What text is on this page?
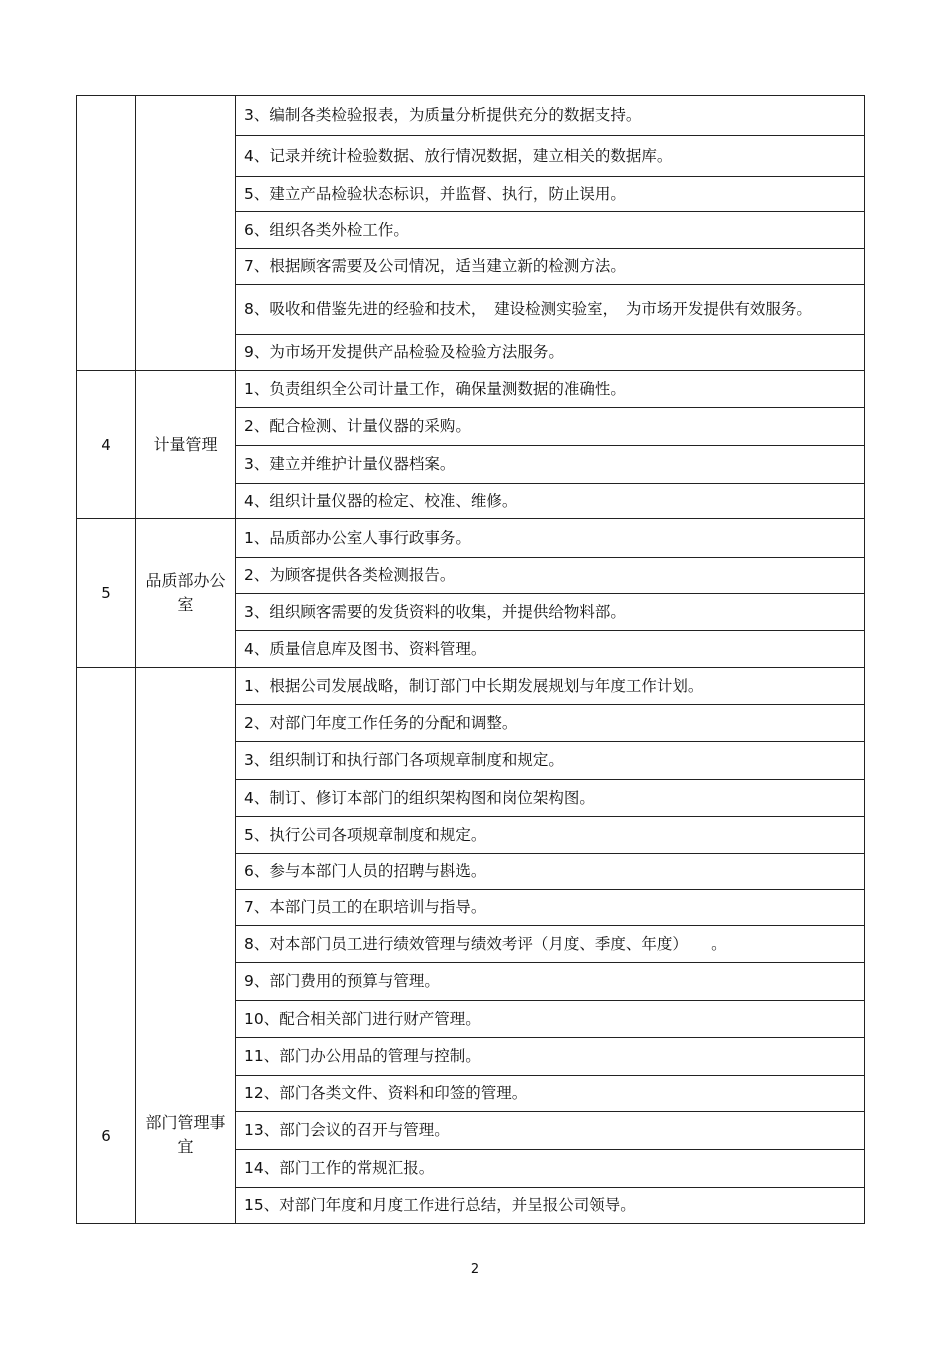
		3、编制各类检验报表，为质量分析提供充分的数据支持。
		4、记录并统计检验数据、放行情况数据，建立相关的数据库。
		5、建立产品检验状态标识，并监督、执行，防止误用。
		6、组织各类外检工作。
		7、根据顾客需要及公司情况，适当建立新的检测方法。
		8、吸收和借鉴先进的经验和技术，　建设检测实验室，　为市场开发提供有效服务。
		9、为市场开发提供产品检验及检验方法服务。
4	计量管理	1、负责组织全公司计量工作，确保量测数据的准确性。
		2、配合检测、计量仪器的采购。
		3、建立并维护计量仪器档案。
		4、组织计量仪器的检定、校准、维修。
5	品质部办公室	1、品质部办公室人事行政事务。
		2、为顾客提供各类检测报告。
		3、组织顾客需要的发货资料的收集，并提供给物料部。
		4、质量信息库及图书、资料管理。
6	部门管理事宜	1、根据公司发展战略，制订部门中长期发展规划与年度工作计划。
		2、对部门年度工作任务的分配和调整。
		3、组织制订和执行部门各项规章制度和规定。
		4、制订、修订本部门的组织架构图和岗位架构图。
		5、执行公司各项规章制度和规定。
		6、参与本部门人员的招聘与斟选。
		7、本部门员工的在职培训与指导。
		8、对本部门员工进行绩效管理与绩效考评（月度、季度、年度）　　。
		9、部门费用的预算与管理。
		10、配合相关部门进行财产管理。
		11、部门办公用品的管理与控制。
		12、部门各类文件、资料和印签的管理。
		13、部门会议的召开与管理。
		14、部门工作的常规汇报。
		15、对部门年度和月度工作进行总结，并呈报公司领导。
2
